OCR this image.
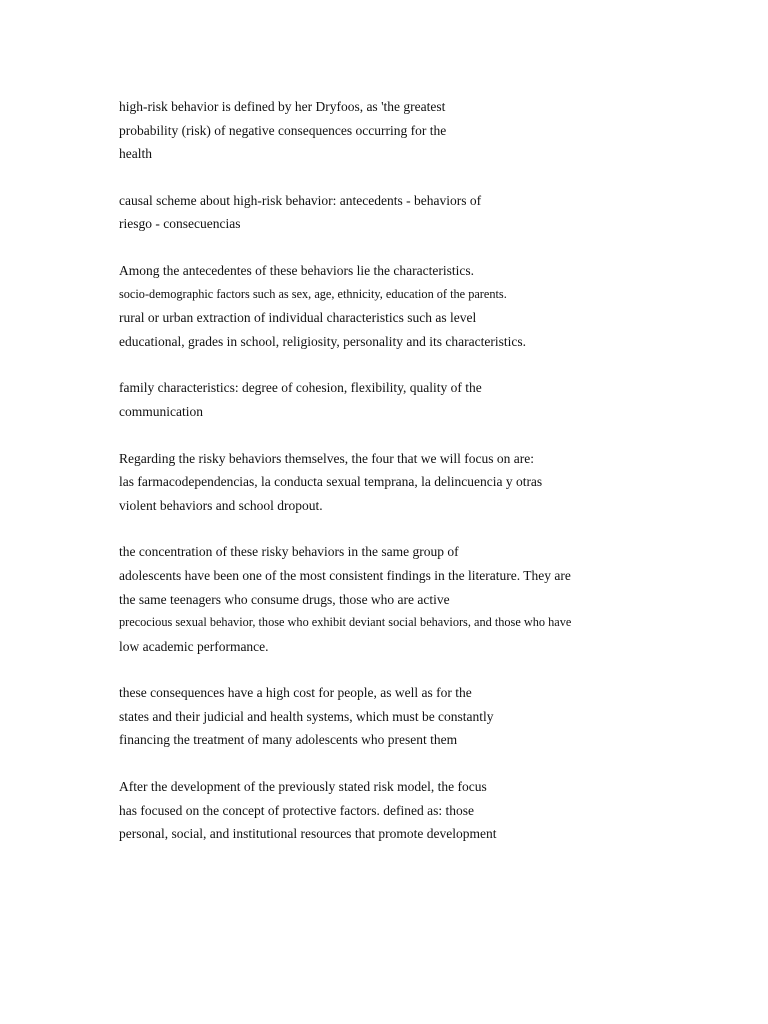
high-risk behavior is defined by her Dryfoos, as 'the greatest
probability (risk) of negative consequences occurring for the
health

causal scheme about high-risk behavior: antecedents - behaviors of
riesgo - consecuencias

Among the antecedentes of these behaviors lie the characteristics.
socio-demographic factors such as sex, age, ethnicity, education of the parents.
rural or urban extraction of individual characteristics such as level
educational, grades in school, religiosity, personality and its characteristics.

family characteristics: degree of cohesion, flexibility, quality of the
communication

Regarding the risky behaviors themselves, the four that we will focus on are:
las farmacodependencias, la conducta sexual temprana, la delincuencia y otras
violent behaviors and school dropout.

the concentration of these risky behaviors in the same group of
adolescents have been one of the most consistent findings in the literature. They are
the same teenagers who consume drugs, those who are active
precocious sexual behavior, those who exhibit deviant social behaviors, and those who have
low academic performance.

these consequences have a high cost for people, as well as for the
states and their judicial and health systems, which must be constantly
financing the treatment of many adolescents who present them

After the development of the previously stated risk model, the focus
has focused on the concept of protective factors. defined as: those
personal, social, and institutional resources that promote development
